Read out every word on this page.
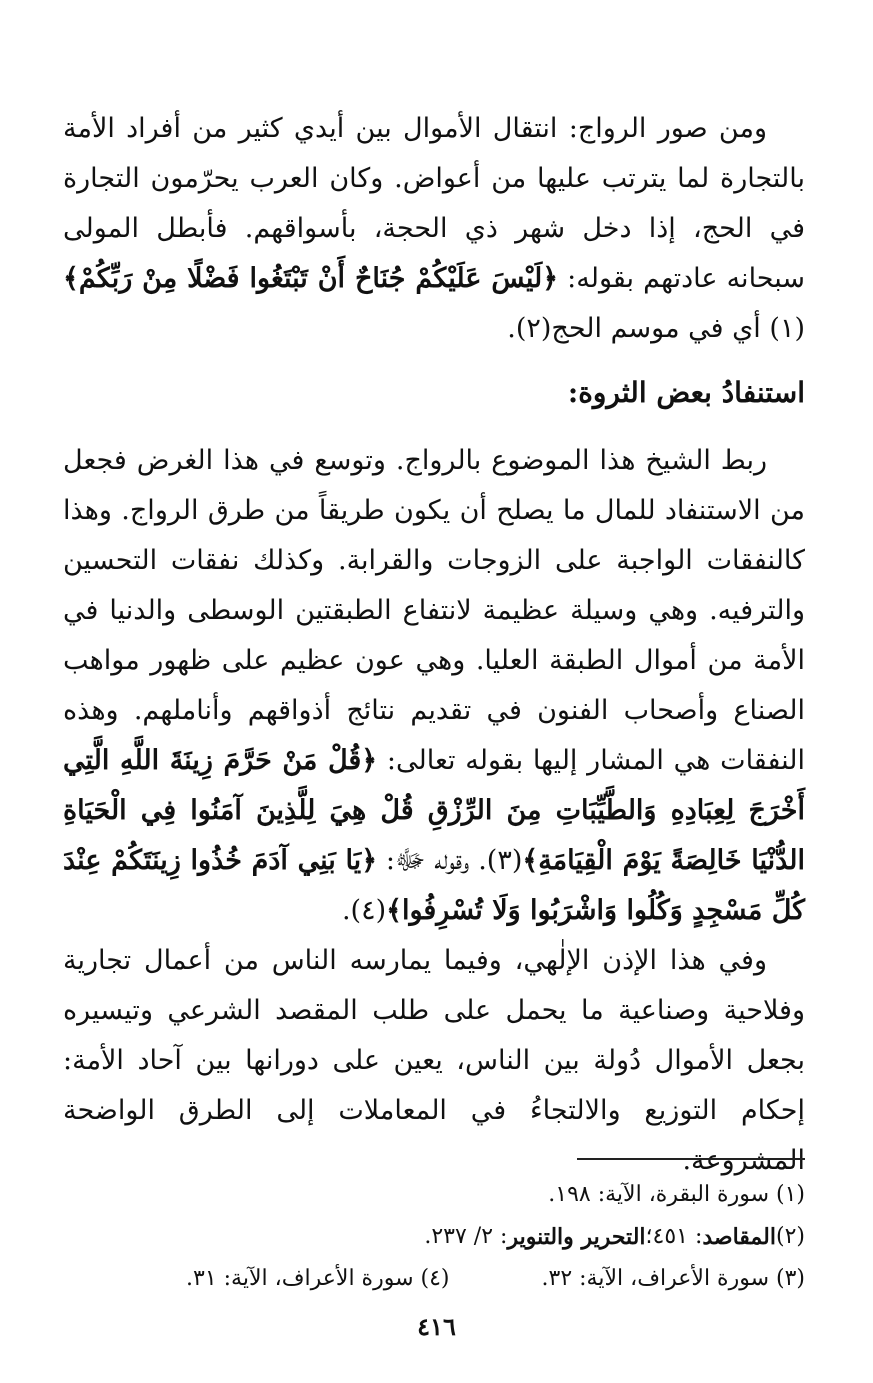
ومن صور الرواج: انتقال الأموال بين أيدي كثير من أفراد الأمة بالتجارة لما يترتب عليها من أعواض. وكان العرب يحرّمون التجارة في الحج، إذا دخل شهر ذي الحجة، بأسواقهم. فأبطل المولى سبحانه عادتهم بقوله: ﴿لَيْسَ عَلَيْكُمْ جُنَاحٌ أَنْ تَبْتَغُوا فَضْلًا مِنْ رَبِّكُمْ﴾(١) أي في موسم الحج(٢).

استنفادُ بعض الثروة:

ربط الشيخ هذا الموضوع بالرواج. وتوسع في هذا الغرض فجعل من الاستنفاد للمال ما يصلح أن يكون طريقاً من طرق الرواج. وهذا كالنفقات الواجبة على الزوجات والقرابة. وكذلك نفقات التحسين والترفيه. وهي وسيلة عظيمة لانتفاع الطبقتين الوسطى والدنيا في الأمة من أموال الطبقة العليا. وهي عون عظيم على ظهور مواهب الصناع وأصحاب الفنون في تقديم نتائج أذواقهم وأناملهم. وهذه النفقات هي المشار إليها بقوله تعالى: ﴿قُلْ مَنْ حَرَّمَ زِينَةَ اللَّهِ الَّتِي أَخْرَجَ لِعِبَادِهِ وَالطَّيِّبَاتِ مِنَ الرِّزْقِ قُلْ هِيَ لِلَّذِينَ آمَنُوا فِي الْحَيَاةِ الدُّنْيَا خَالِصَةً يَوْمَ الْقِيَامَةِ﴾(٣). وقوله ﷻ: ﴿يَا بَنِي آدَمَ خُذُوا زِينَتَكُمْ عِنْدَ كُلِّ مَسْجِدٍ وَكُلُوا وَاشْرَبُوا وَلَا تُسْرِفُوا﴾(٤).

وفي هذا الإذن الإلٰهي، وفيما يمارسه الناس من أعمال تجارية وفلاحية وصناعية ما يحمل على طلب المقصد الشرعي وتيسيره بجعل الأموال دُولة بين الناس، يعين على دورانها بين آحاد الأمة: إحكام التوزيع والالتجاءُ في المعاملات إلى الطرق الواضحة المشروعة.

(١) سورة البقرة، الآية: ١٩٨.
(٢)
المقاصد
: ٤٥١؛
التحرير والتنوير
: ٢/ ٢٣٧.
(٣) سورة الأعراف، الآية: ٣٢.
(٤) سورة الأعراف، الآية: ٣١.
٤١٦
